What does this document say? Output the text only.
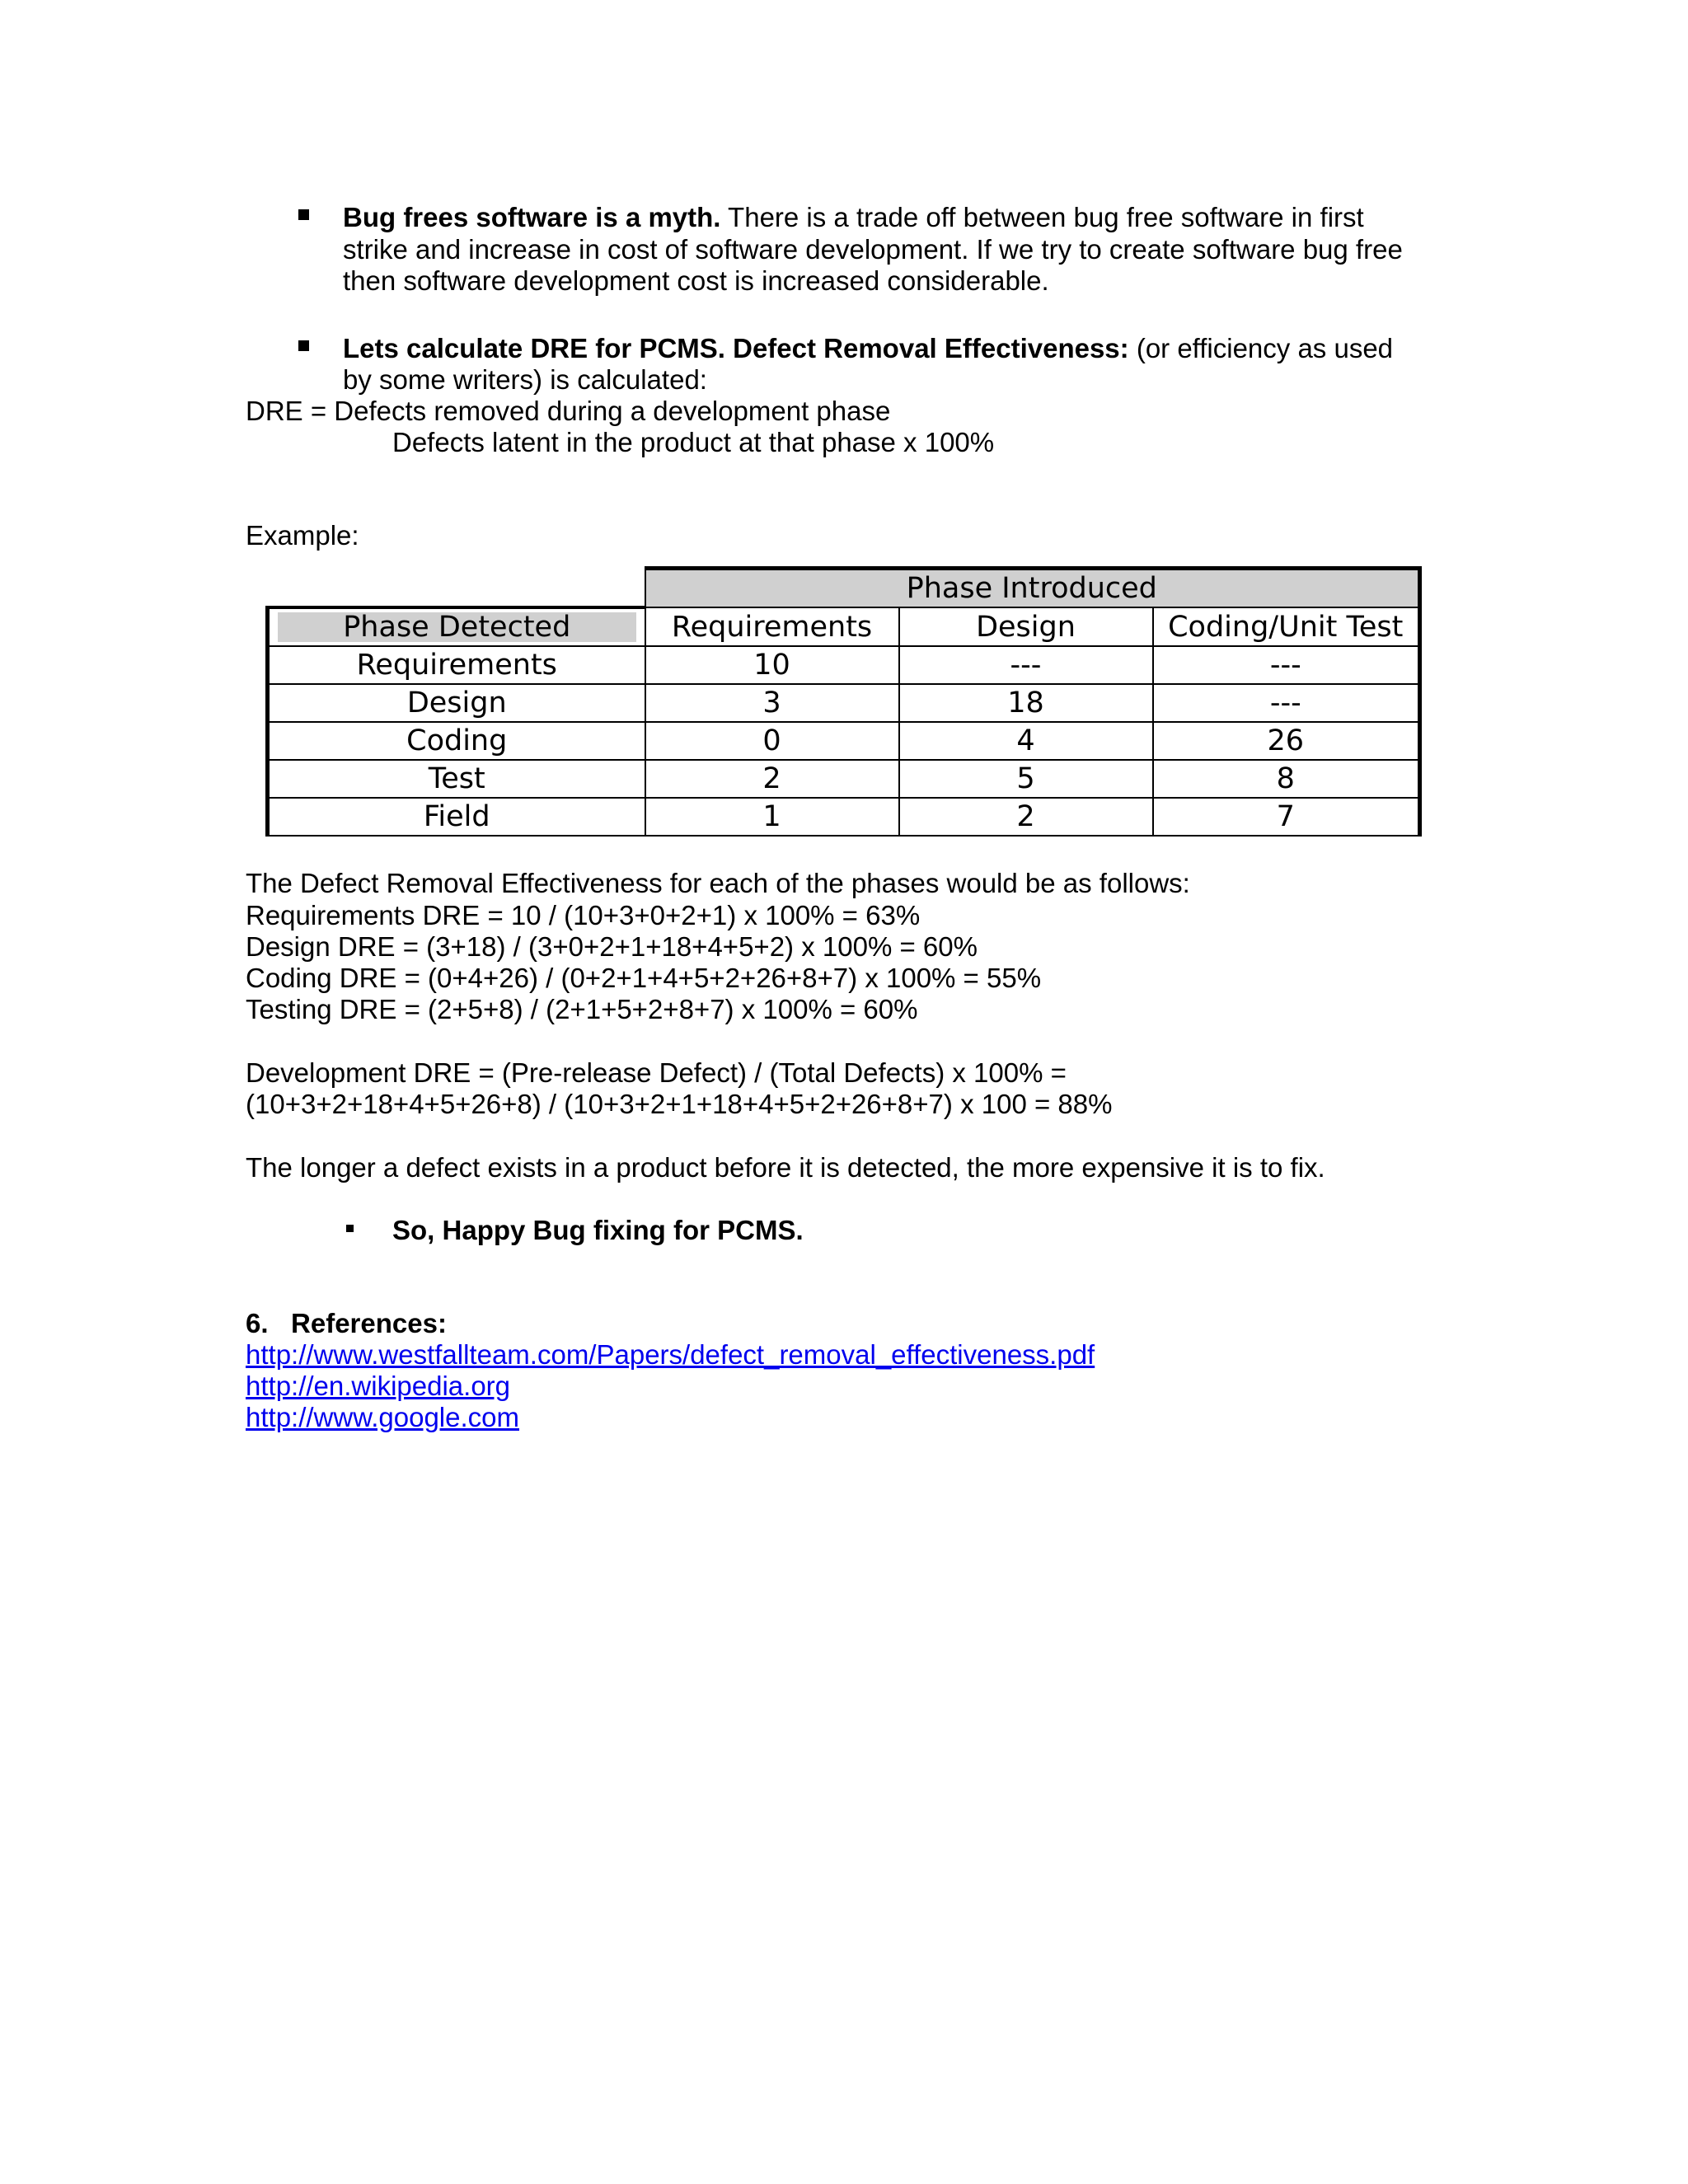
Bug frees software is a myth. There is a trade off between bug free software in first

strike and increase in cost of software development. If we try to create software bug free

then software development cost is increased considerable.

Lets calculate DRE for PCMS. Defect Removal Effectiveness: (or efficiency as used

by some writers) is calculated:

DRE = Defects removed during a development phase

Defects latent in the product at that phase x 100%

Example:

	Phase Introduced		

Phase Detected	Requirements	Design	Coding/Unit Test
Requirements	10	---	---
Design	3	18	---
Coding	0	4	26
Test	2	5	8
Field	1	2	7

The Defect Removal Effectiveness for each of the phases would be as follows:

Requirements DRE = 10 / (10+3+0+2+1) x 100% = 63%

Design DRE = (3+18) / (3+0+2+1+18+4+5+2) x 100% = 60%

Coding DRE = (0+4+26) / (0+2+1+4+5+2+26+8+7) x 100% = 55%

Testing DRE = (2+5+8) / (2+1+5+2+8+7) x 100% = 60%

Development DRE = (Pre-release Defect) / (Total Defects) x 100% =

(10+3+2+18+4+5+26+8) / (10+3+2+1+18+4+5+2+26+8+7) x 100 = 88%

The longer a defect exists in a product before it is detected, the more expensive it is to fix.

So, Happy Bug fixing for PCMS.

6.   References:

http://www.westfallteam.com/Papers/defect_removal_effectiveness.pdf

http://en.wikipedia.org

http://www.google.com
